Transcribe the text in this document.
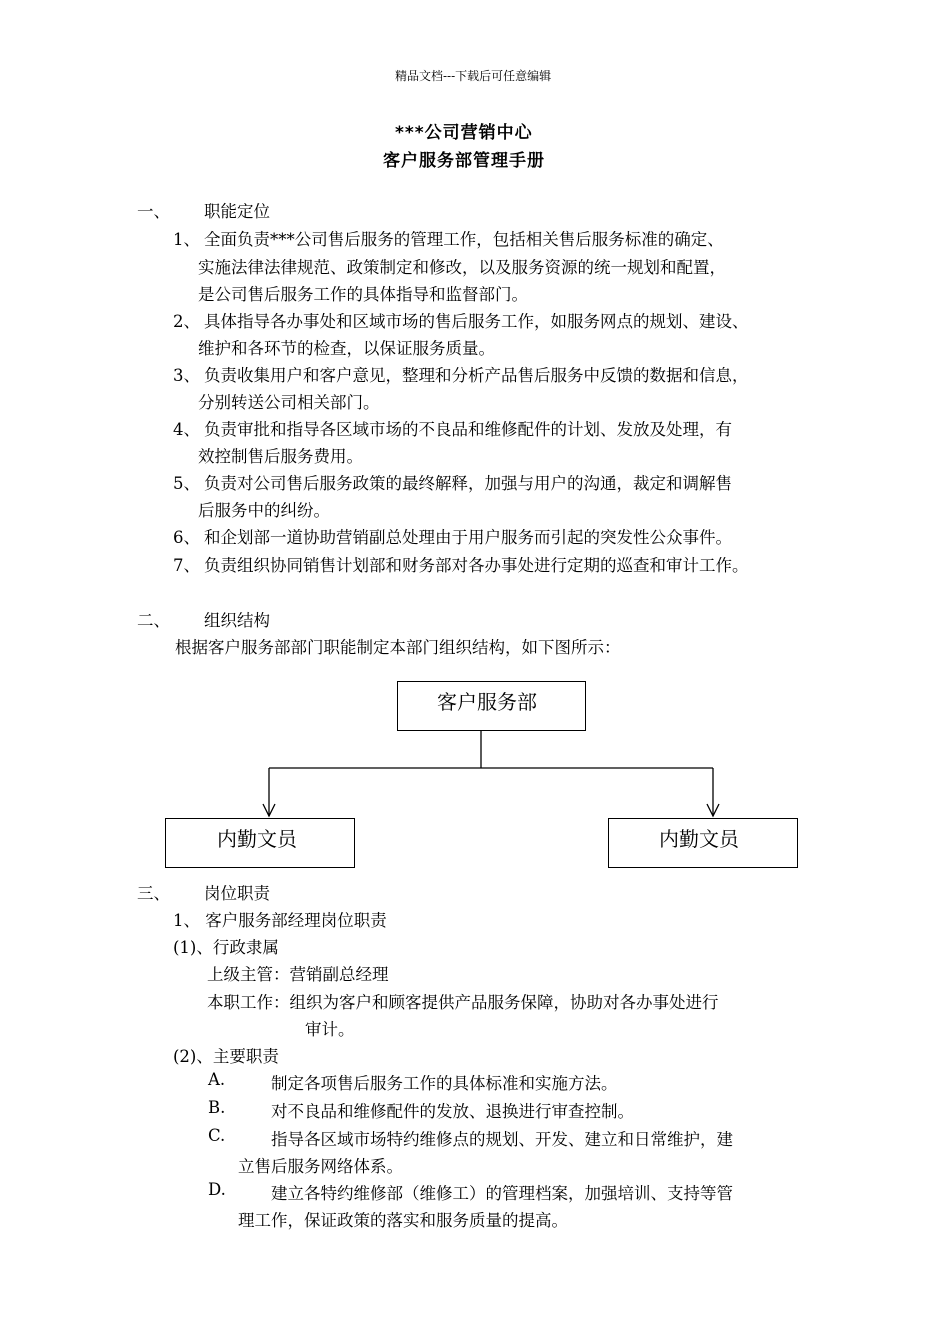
精品文档---下载后可任意编辑
***公司营销中心
客户服务部管理手册
一、 职能定位
1、 全面负责***公司售后服务的管理工作，包括相关售后服务标准的确定、
实施法律法律规范、政策制定和修改，以及服务资源的统一规划和配置，
是公司售后服务工作的具体指导和监督部门。
2、 具体指导各办事处和区域市场的售后服务工作，如服务网点的规划、建设、
维护和各环节的检查，以保证服务质量。
3、 负责收集用户和客户意见，整理和分析产品售后服务中反馈的数据和信息，
分别转送公司相关部门。
4、 负责审批和指导各区域市场的不良品和维修配件的计划、发放及处理，有
效控制售后服务费用。
5、 负责对公司售后服务政策的最终解释，加强与用户的沟通，裁定和调解售
后服务中的纠纷。
6、 和企划部一道协助营销副总处理由于用户服务而引起的突发性公众事件。
7、 负责组织协同销售计划部和财务部对各办事处进行定期的巡查和审计工作。
二、 组织结构
根据客户服务部部门职能制定本部门组织结构，如下图所示：
客户服务部
内勤文员	内勤文员
三、 岗位职责
1、 客户服务部经理岗位职责
(1)、行政隶属
上级主管：营销副总经理
本职工作：组织为客户和顾客提供产品服务保障，协助对各办事处进行
审计。
(2)、主要职责
A.	制定各项售后服务工作的具体标准和实施方法。
B.	对不良品和维修配件的发放、退换进行审查控制。
C.	指导各区域市场特约维修点的规划、开发、建立和日常维护，建
立售后服务网络体系。
D.	建立各特约维修部（维修工）的管理档案，加强培训、支持等管
理工作，保证政策的落实和服务质量的提高。
